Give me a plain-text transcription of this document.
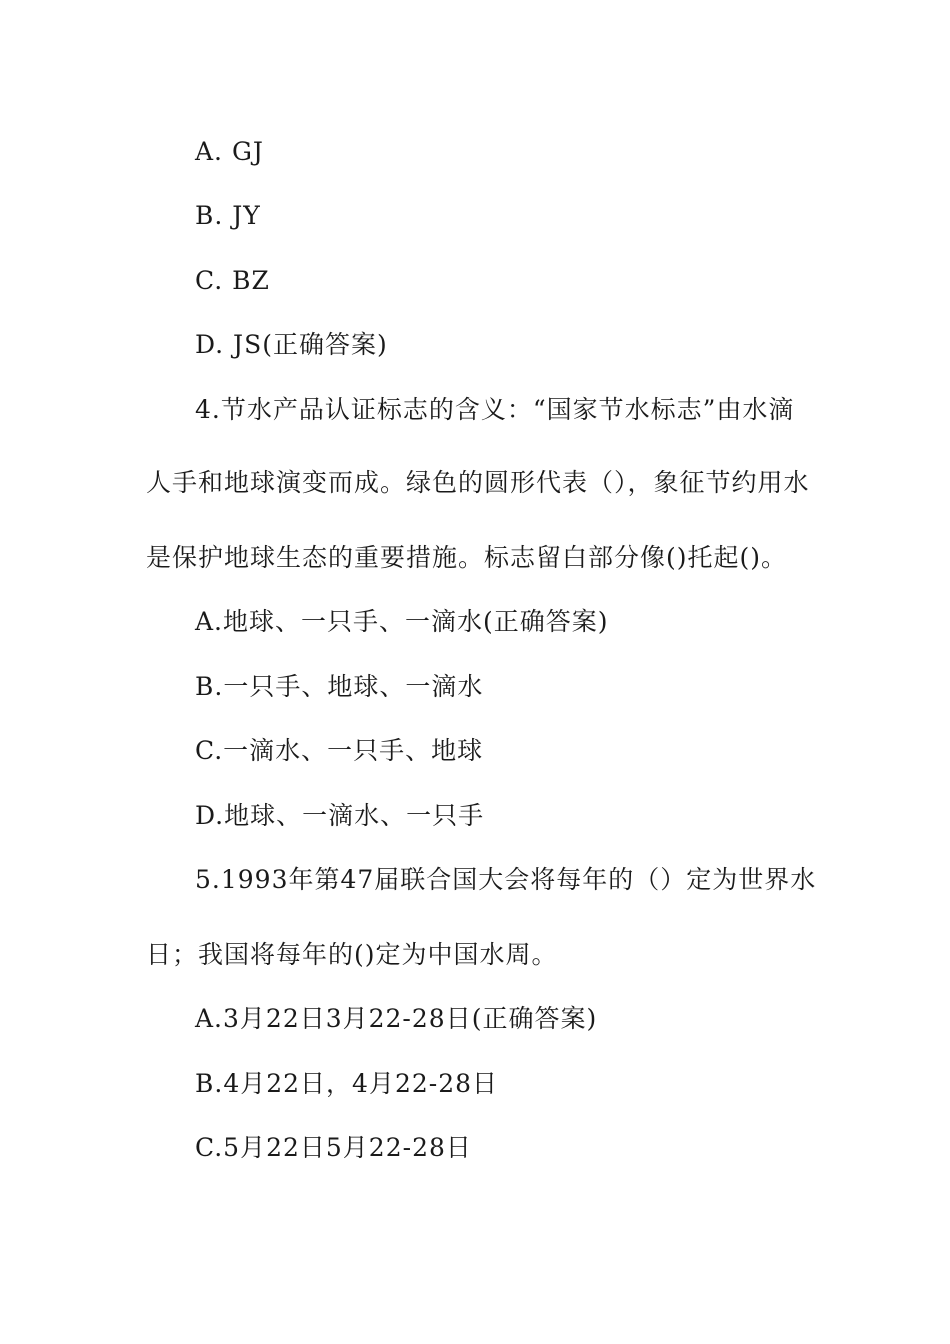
A. GJ
B. JY
C. BZ
D. JS(正确答案)
4.节水产品认证标志的含义：“国家节水标志”由水滴
人手和地球演变而成。绿色的圆形代表（），象征节约用水
是保护地球生态的重要措施。标志留白部分像()托起()。
A.地球、一只手、一滴水(正确答案)
B.一只手、地球、一滴水
C.一滴水、一只手、地球
D.地球、一滴水、一只手
5.1993年第47届联合国大会将每年的（）定为世界水
日；我国将每年的()定为中国水周。
A.3月22日3月22-28日(正确答案)
B.4月22日，4月22-28日
C.5月22日5月22-28日
